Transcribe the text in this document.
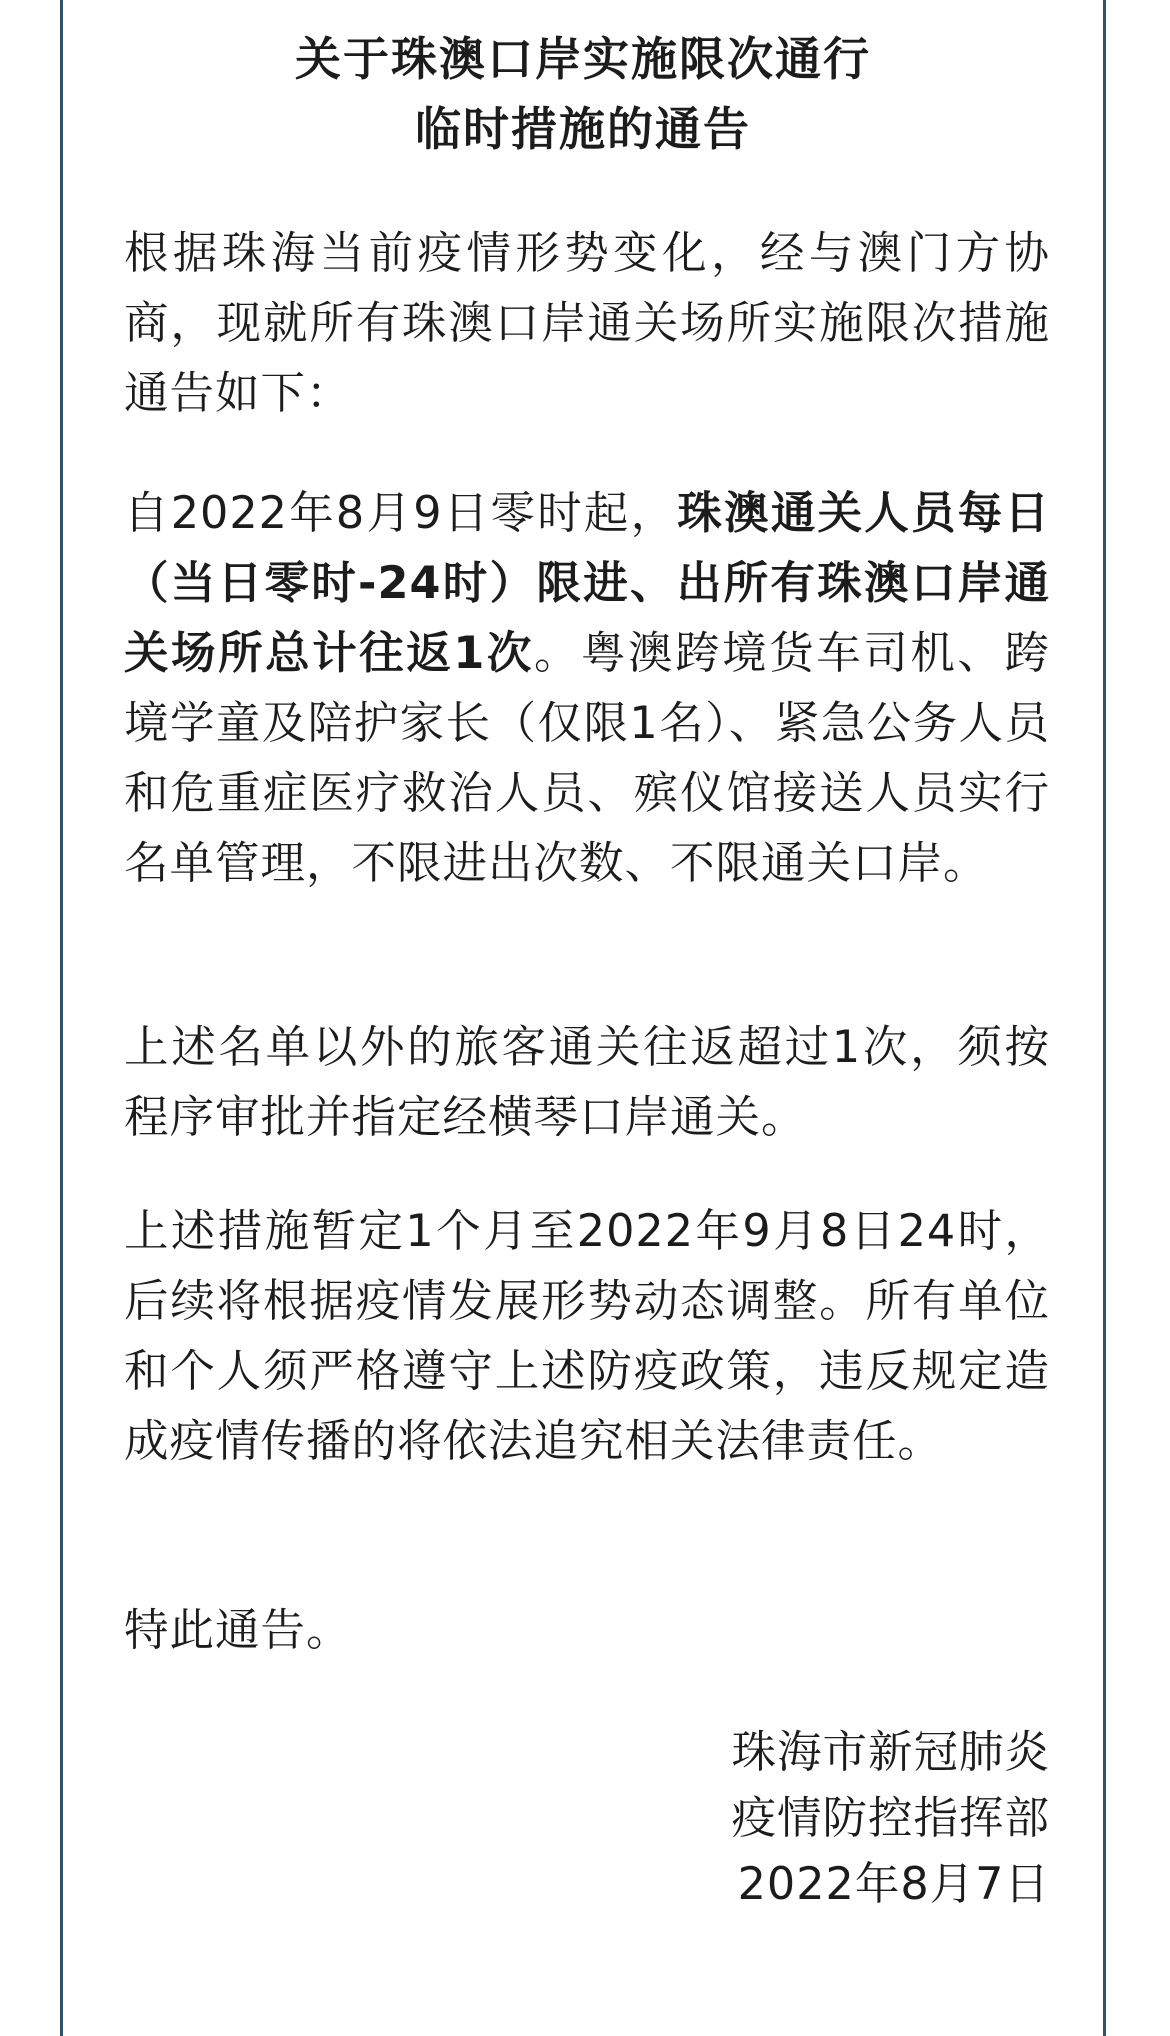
关于珠澳口岸实施限次通行
临时措施的通告

根据珠海当前疫情形势变化，经与澳门方协商，现就所有珠澳口岸通关场所实施限次措施通告如下：

自2022年8月9日零时起，珠澳通关人员每日（当日零时-24时）限进、出所有珠澳口岸通关场所总计往返1次。粤澳跨境货车司机、跨境学童及陪护家长（仅限1名）、紧急公务人员和危重症医疗救治人员、殡仪馆接送人员实行名单管理，不限进出次数、不限通关口岸。

上述名单以外的旅客通关往返超过1次，须按程序审批并指定经横琴口岸通关。

上述措施暂定1个月至2022年9月8日24时，后续将根据疫情发展形势动态调整。所有单位和个人须严格遵守上述防疫政策，违反规定造成疫情传播的将依法追究相关法律责任。

特此通告。

珠海市新冠肺炎
疫情防控指挥部
2022年8月7日
